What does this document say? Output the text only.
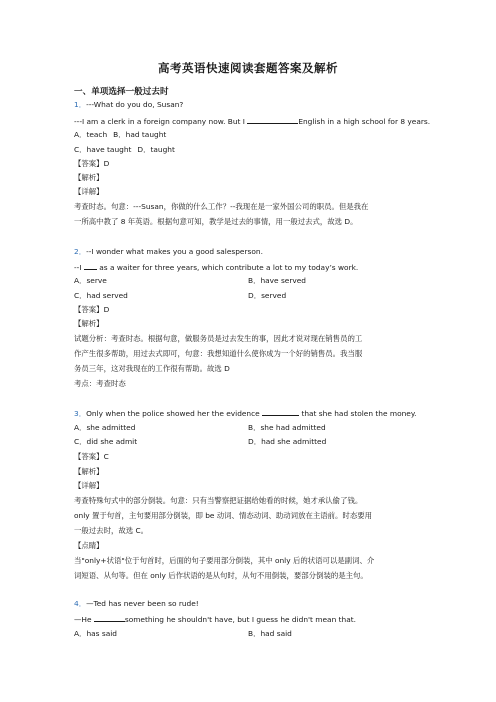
高考英语快速阅读套题答案及解析
一、单项选择一般过去时
1．---What do you do, Susan?
---I am a clerk in a foreign company now. But I	English in a high school for 8 years.
A．teach B．had taught
C．have taught D．taught
【答案】D
【解析】
【详解】
考查时态。句意：---Susan，你做的什么工作？--我现在是一家外国公司的职员。但是我在
一所高中教了 8 年英语。根据句意可知，教学是过去的事情，用一般过去式，故选 D。
2．--I wonder what makes you a good salesperson.
--I  as a waiter for three years, which contribute a lot to my today’s work.
A．serve	B．have served
C．had served	D．served
【答案】D
【解析】
试题分析：考查时态。根据句意，做服务员是过去发生的事，因此才说对现在销售员的工
作产生很多帮助，用过去式即可，句意：我想知道什么使你成为一个好的销售员。我当服
务员三年，这对我现在的工作很有帮助。故选 D
考点：考查时态
3．Only when the police showed her the evidence	that she had stolen the money.
A．she admitted	B．she had admitted
C．did she admit	D．had she admitted
【答案】C
【解析】
【详解】
考查特殊句式中的部分倒装。句意：只有当警察把证据给她看的时候，她才承认偷了钱。
only 置于句首，主句要用部分倒装，即 be 动词、情态动词、助动词放在主语前。时态要用
一般过去时，故选 C。
【点睛】
当"only+状语"位于句首时，后面的句子要用部分倒装，其中 only 后的状语可以是副词、介
词短语、从句等。但在 only 后作状语的是从句时，从句不用倒装，要部分倒装的是主句。
4．—Ted has never been so rude!
—He	something he shouldn't have, but I guess he didn't mean that.
A．has said	B．had said
